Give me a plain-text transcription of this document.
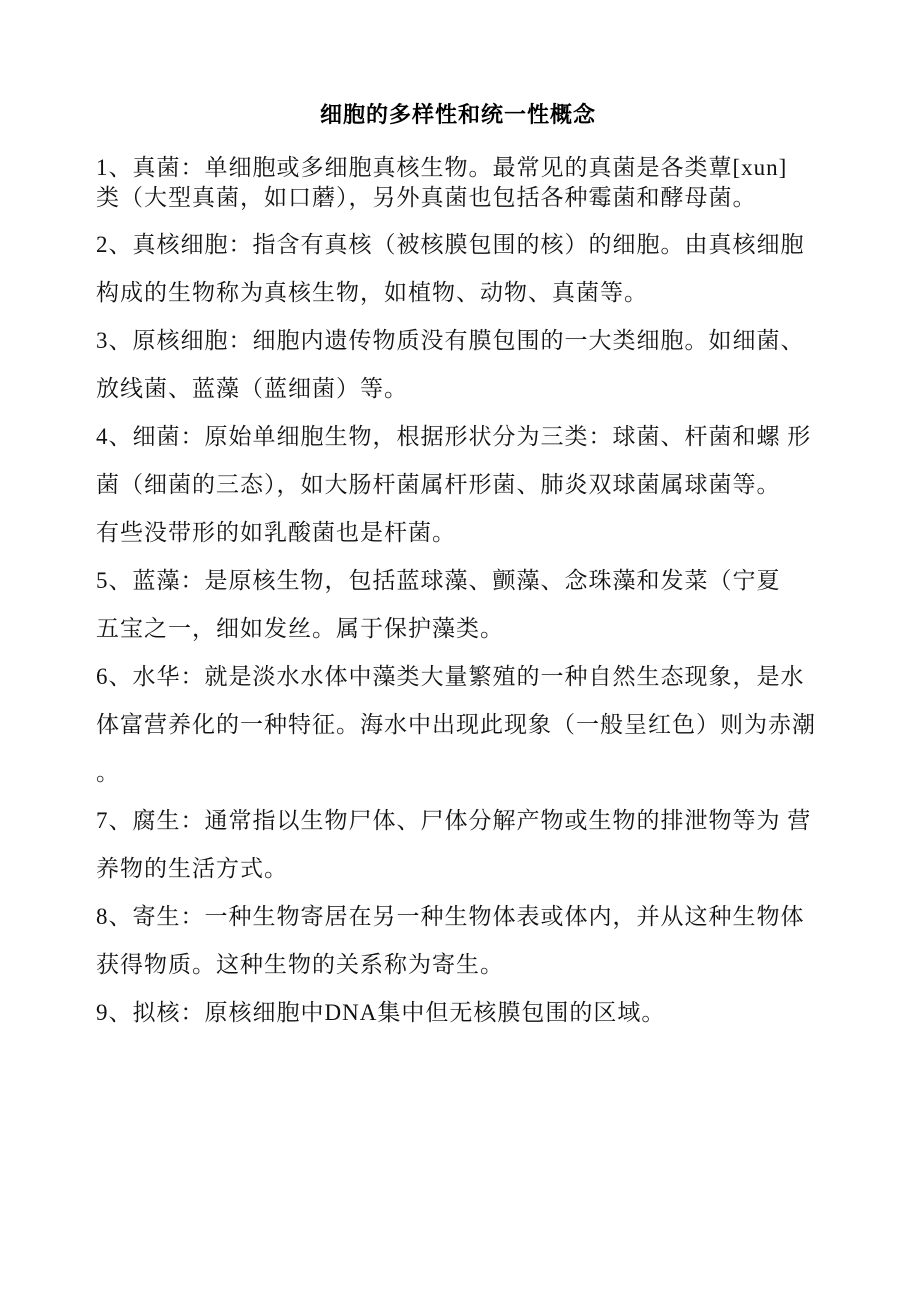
细胞的多样性和统一性概念

1、真菌：单细胞或多细胞真核生物。最常见的真菌是各类蕈[xun]
类（大型真菌，如口蘑），另外真菌也包括各种霉菌和酵母菌。

2、真核细胞：指含有真核（被核膜包围的核）的细胞。由真核细胞
构成的生物称为真核生物，如植物、动物、真菌等。

3、原核细胞：细胞内遗传物质没有膜包围的一大类细胞。如细菌、
放线菌、蓝藻（蓝细菌）等。

4、细菌：原始单细胞生物，根据形状分为三类：球菌、杆菌和螺 形
菌（细菌的三态），如大肠杆菌属杆形菌、肺炎双球菌属球菌等。
有些没带形的如乳酸菌也是杆菌。

5、蓝藻：是原核生物，包括蓝球藻、颤藻、念珠藻和发菜（宁夏
五宝之一，细如发丝。属于保护藻类。

6、水华：就是淡水水体中藻类大量繁殖的一种自然生态现象，是水
体富营养化的一种特征。海水中出现此现象（一般呈红色）则为赤潮
。

7、腐生：通常指以生物尸体、尸体分解产物或生物的排泄物等为 营
养物的生活方式。

8、寄生：一种生物寄居在另一种生物体表或体内，并从这种生物体
获得物质。这种生物的关系称为寄生。

9、拟核：原核细胞中DNA集中但无核膜包围的区域。
